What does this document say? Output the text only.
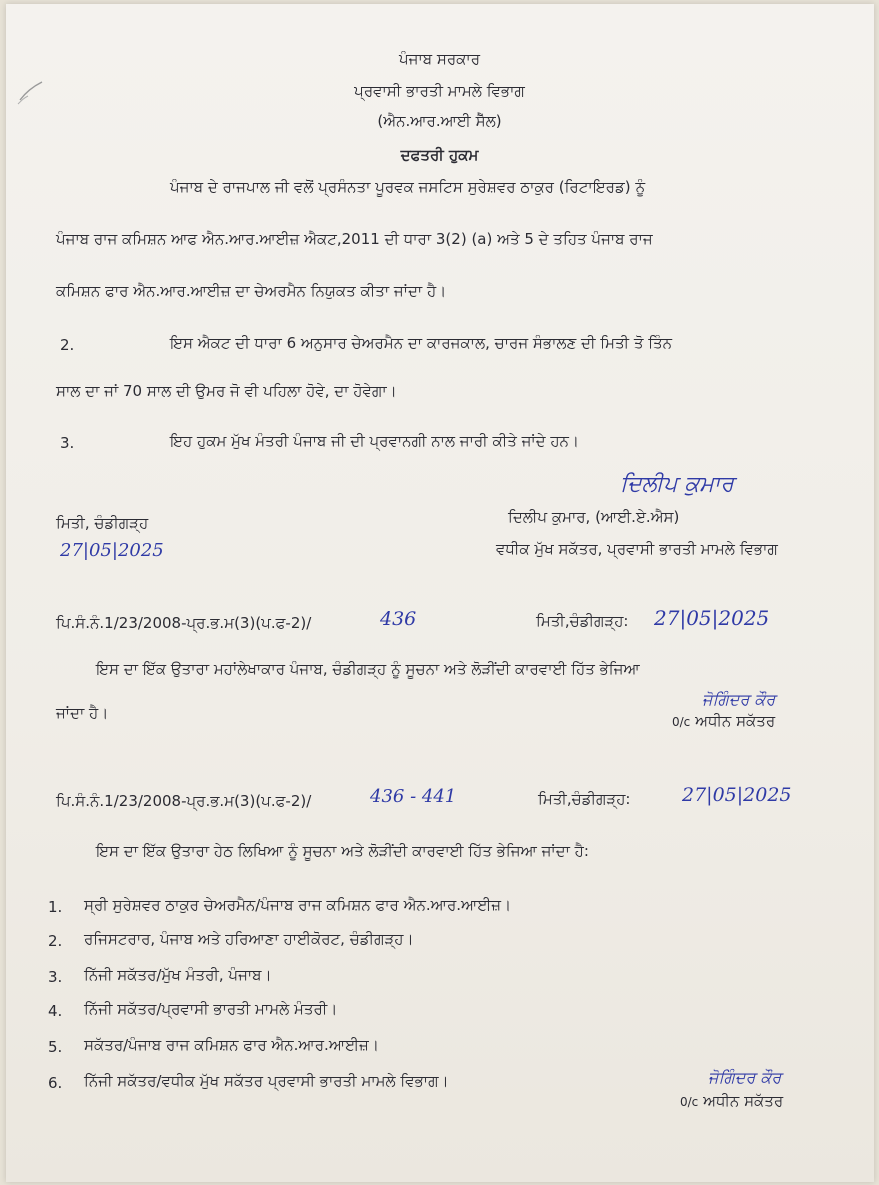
ਪੰਜਾਬ ਸਰਕਾਰ
ਪ੍ਰਵਾਸੀ ਭਾਰਤੀ ਮਾਮਲੇ ਵਿਭਾਗ
(ਐਨ.ਆਰ.ਆਈ ਸੈੱਲ)
ਦਫਤਰੀ ਹੁਕਮ
ਪੰਜਾਬ ਦੇ ਰਾਜਪਾਲ ਜੀ ਵਲੋਂ ਪ੍ਰਸੰਨਤਾ ਪੂਰਵਕ ਜਸਟਿਸ ਸੁਰੇਸ਼ਵਰ ਠਾਕੁਰ (ਰਿਟਾਇਰਡ) ਨੂੰ
ਪੰਜਾਬ ਰਾਜ ਕਮਿਸ਼ਨ ਆਫ ਐਨ.ਆਰ.ਆਈਜ਼ ਐਕਟ,2011 ਦੀ ਧਾਰਾ 3(2) (a) ਅਤੇ 5 ਦੇ ਤਹਿਤ ਪੰਜਾਬ ਰਾਜ
ਕਮਿਸ਼ਨ ਫਾਰ ਐਨ.ਆਰ.ਆਈਜ਼ ਦਾ ਚੇਅਰਮੈਨ ਨਿਯੁਕਤ ਕੀਤਾ ਜਾਂਦਾ ਹੈ।
2.	ਇਸ ਐਕਟ ਦੀ ਧਾਰਾ 6 ਅਨੁਸਾਰ ਚੇਅਰਮੈਨ ਦਾ ਕਾਰਜਕਾਲ, ਚਾਰਜ ਸੰਭਾਲਣ ਦੀ ਮਿਤੀ ਤੋ ਤਿੰਨ
ਸਾਲ ਦਾ ਜਾਂ 70 ਸਾਲ ਦੀ ਉਮਰ ਜੋ ਵੀ ਪਹਿਲਾ ਹੋਵੇ, ਦਾ ਹੋਵੇਗਾ।
3.	ਇਹ ਹੁਕਮ ਮੁੱਖ ਮੰਤਰੀ ਪੰਜਾਬ ਜੀ ਦੀ ਪ੍ਰਵਾਨਗੀ ਨਾਲ ਜਾਰੀ ਕੀਤੇ ਜਾਂਦੇ ਹਨ।
ਦਿਲੀਪ ਕੁਮਾਰ
ਮਿਤੀ, ਚੰਡੀਗੜ੍ਹ	ਦਿਲੀਪ ਕੁਮਾਰ, (ਆਈ.ਏ.ਐਸ)
27|05|2025	ਵਧੀਕ ਮੁੱਖ ਸਕੱਤਰ, ਪ੍ਰਵਾਸੀ ਭਾਰਤੀ ਮਾਮਲੇ ਵਿਭਾਗ
ਪਿ.ਸੰ.ਨੰ.1/23/2008-ਪ੍ਰ.ਭ.ਮ(3)(ਪ.ਫ-2)/	436	ਮਿਤੀ,ਚੰਡੀਗੜ੍ਹ: 27|05|2025
ਇਸ ਦਾ ਇੱਕ ਉਤਾਰਾ ਮਹਾਂਲੇਖਾਕਾਰ ਪੰਜਾਬ, ਚੰਡੀਗੜ੍ਹ ਨੂੰ ਸੂਚਨਾ ਅਤੇ ਲੋੜੀਂਦੀ ਕਾਰਵਾਈ ਹਿੱਤ ਭੇਜਿਆ
ਜੋਗਿੰਦਰ ਕੌਰ
ਜਾਂਦਾ ਹੈ।	0/c ਅਧੀਨ ਸਕੱਤਰ
ਪਿ.ਸੰ.ਨੰ.1/23/2008-ਪ੍ਰ.ਭ.ਮ(3)(ਪ.ਫ-2)/	436 - 441	ਮਿਤੀ,ਚੰਡੀਗੜ੍ਹ:	27|05|2025
ਇਸ ਦਾ ਇੱਕ ਉਤਾਰਾ ਹੇਠ ਲਿਖਿਆ ਨੂੰ ਸੂਚਨਾ ਅਤੇ ਲੋੜੀਂਦੀ ਕਾਰਵਾਈ ਹਿੱਤ ਭੇਜਿਆ ਜਾਂਦਾ ਹੈ:
1. ਸ੍ਰੀ ਸੁਰੇਸ਼ਵਰ ਠਾਕੁਰ ਚੇਅਰਮੈਨ/ਪੰਜਾਬ ਰਾਜ ਕਮਿਸ਼ਨ ਫਾਰ ਐਨ.ਆਰ.ਆਈਜ਼।
2. ਰਜਿਸਟਰਾਰ, ਪੰਜਾਬ ਅਤੇ ਹਰਿਆਣਾ ਹਾਈਕੋਰਟ, ਚੰਡੀਗੜ੍ਹ।
3. ਨਿੱਜੀ ਸਕੱਤਰ/ਮੁੱਖ ਮੰਤਰੀ, ਪੰਜਾਬ।
4. ਨਿੱਜੀ ਸਕੱਤਰ/ਪ੍ਰਵਾਸੀ ਭਾਰਤੀ ਮਾਮਲੇ ਮੰਤਰੀ।
5. ਸਕੱਤਰ/ਪੰਜਾਬ ਰਾਜ ਕਮਿਸ਼ਨ ਫਾਰ ਐਨ.ਆਰ.ਆਈਜ਼।
6. ਨਿੱਜੀ ਸਕੱਤਰ/ਵਧੀਕ ਮੁੱਖ ਸਕੱਤਰ ਪ੍ਰਵਾਸੀ ਭਾਰਤੀ ਮਾਮਲੇ ਵਿਭਾਗ।	ਜੋਗਿੰਦਰ ਕੌਰ
0/c ਅਧੀਨ ਸਕੱਤਰ
